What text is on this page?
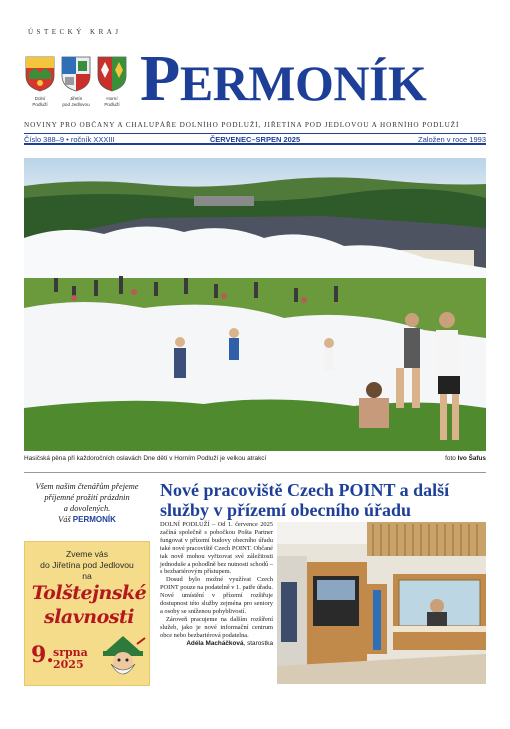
ÚSTECKÝ KRAJ
Dolní
Podluží
Jiřetín
pod Jedlovou
Horní
Podluží PERMONÍK
NOVINY PRO OBČANY A CHALUPÁŘE DOLNÍHO PODLUŽÍ, JIŘETÍNA POD JEDLOVOU A HORNÍHO PODLUŽÍ
Číslo 388–9 • ročník XXXIII	ČERVENEC–SRPEN 2025	Založen v roce 1993
Hasičská pěna při každoročních oslavách Dne dětí v Horním Podluží je velkou atrakcí	foto Ivo Šafus
Všem našim čtenářům přejeme
příjemné prožití prázdnin
a dovolených.
Váš PERMONÍK
Zveme vás
do Jiřetína pod Jedlovou
na
Tolštejnské
slavnosti
9. srpna
2025
Nové pracoviště Czech POINT a další služby v přízemí obecního úřadu

DOLNÍ PODLUŽÍ – Od 1. července 2025 začíná společně s pobočkou Pošta Partner fungovat v přízemí budovy obecního úřadu také nové pracoviště Czech POINT. Občané tak nově mohou vyřizovat své záležitosti jednoduše a pohodlně bez nutnosti schodů – s bezbariérovým přístupem.

Dosud bylo možné využívat Czech POINT pouze na podatelně v 1. patře úřadu. Nové umístění v přízemí rozšiřuje dostupnost této služby zejména pro seniory a osoby se sníženou pohyblivostí.

Zároveň pracujeme na dalším rozšíření služeb, jako je nové informační centrum obce nebo bezbariérová podatelna.

Adéla Macháčková, starostka
